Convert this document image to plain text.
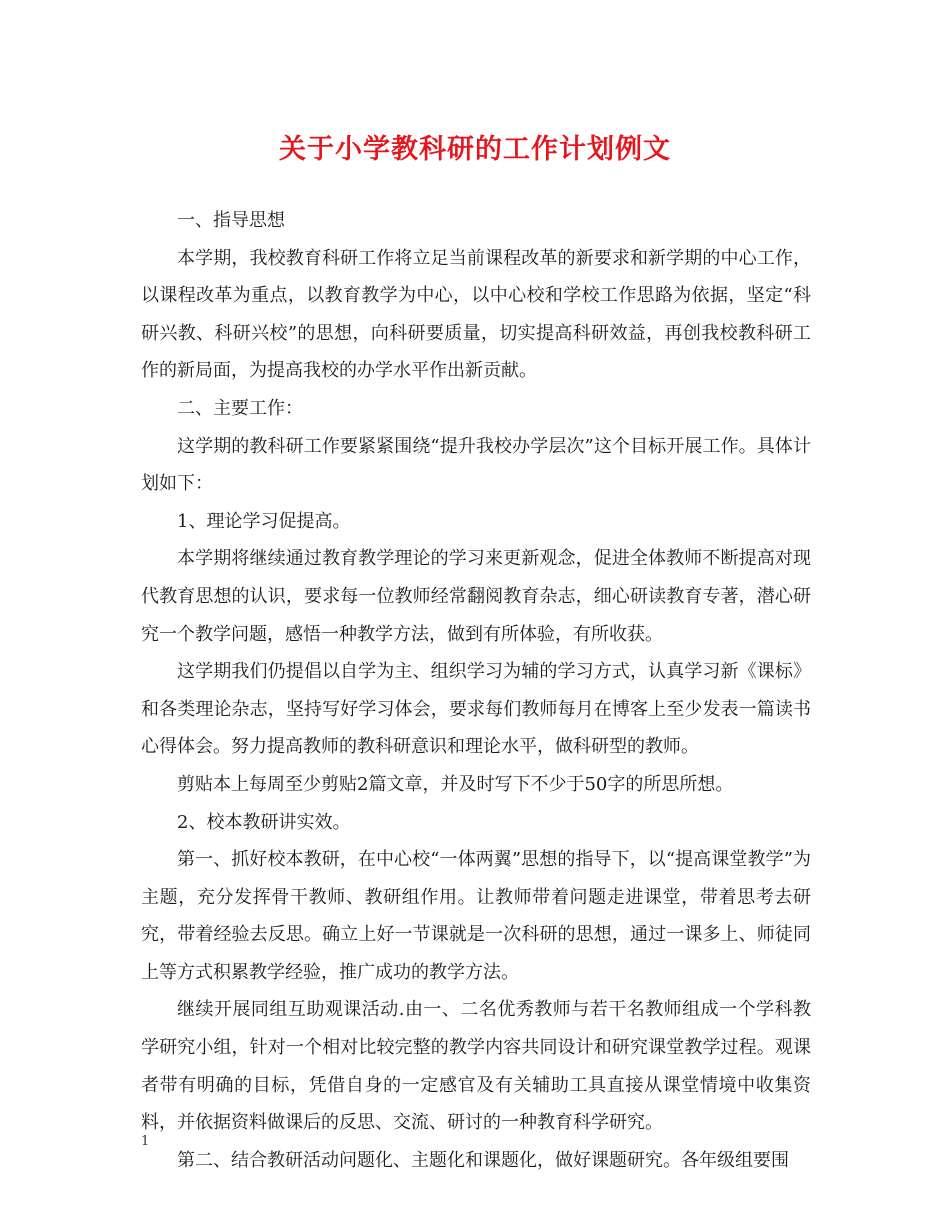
关于小学教科研的工作计划例文

一、指导思想

本学期，我校教育科研工作将立足当前课程改革的新要求和新学期的中心工作，以课程改革为重点，以教育教学为中心，以中心校和学校工作思路为依据，坚定“科研兴教、科研兴校”的思想，向科研要质量，切实提高科研效益，再创我校教科研工作的新局面，为提高我校的办学水平作出新贡献。

二、主要工作：

这学期的教科研工作要紧紧围绕“提升我校办学层次”这个目标开展工作。具体计划如下：

1、理论学习促提高。

本学期将继续通过教育教学理论的学习来更新观念，促进全体教师不断提高对现代教育思想的认识，要求每一位教师经常翻阅教育杂志，细心研读教育专著，潜心研究一个教学问题，感悟一种教学方法，做到有所体验，有所收获。

这学期我们仍提倡以自学为主、组织学习为辅的学习方式，认真学习新《课标》和各类理论杂志，坚持写好学习体会，要求每们教师每月在博客上至少发表一篇读书心得体会。努力提高教师的教科研意识和理论水平，做科研型的教师。

剪贴本上每周至少剪贴2篇文章，并及时写下不少于50字的所思所想。

2、校本教研讲实效。

第一、抓好校本教研，在中心校“一体两翼”思想的指导下，以“提高课堂教学”为主题，充分发挥骨干教师、教研组作用。让教师带着问题走进课堂，带着思考去研究，带着经验去反思。确立上好一节课就是一次科研的思想，通过一课多上、师徒同上等方式积累教学经验，推广成功的教学方法。

继续开展同组互助观课活动.由一、二名优秀教师与若干名教师组成一个学科教学研究小组，针对一个相对比较完整的教学内容共同设计和研究课堂教学过程。观课者带有明确的目标，凭借自身的一定感官及有关辅助工具直接从课堂情境中收集资料，并依据资料做课后的反思、交流、研讨的一种教育科学研究。

第二、结合教研活动问题化、主题化和课题化，做好课题研究。各年级组要围

1
